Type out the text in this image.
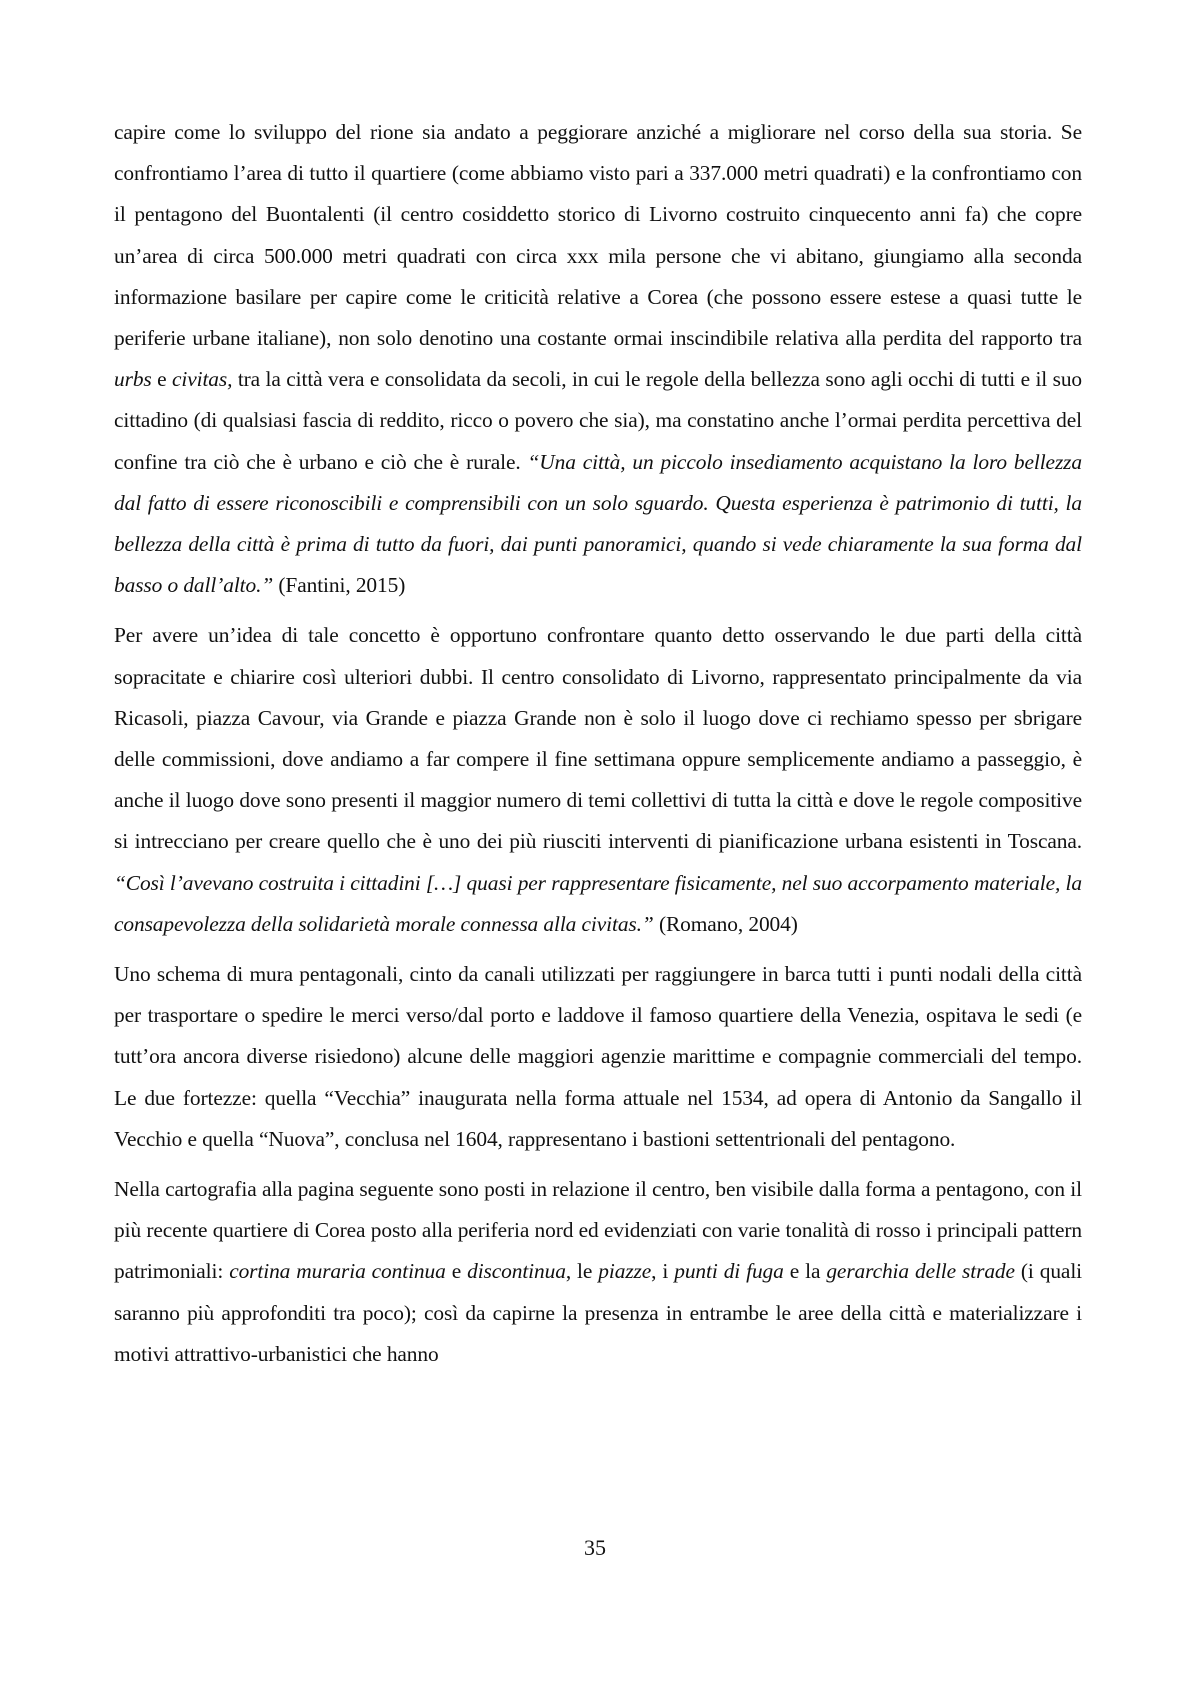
capire come lo sviluppo del rione sia andato a peggiorare anziché a migliorare nel corso della sua storia. Se confrontiamo l’area di tutto il quartiere (come abbiamo visto pari a 337.000 metri quadrati) e la confrontiamo con il pentagono del Buontalenti (il centro cosiddetto storico di Livorno costruito cinquecento anni fa) che copre un’area di circa 500.000 metri quadrati con circa xxx mila persone che vi abitano, giungiamo alla seconda informazione basilare per capire come le criticità relative a Corea (che possono essere estese a quasi tutte le periferie urbane italiane), non solo denotino una costante ormai inscindibile relativa alla perdita del rapporto tra urbs e civitas, tra la città vera e consolidata da secoli, in cui le regole della bellezza sono agli occhi di tutti e il suo cittadino (di qualsiasi fascia di reddito, ricco o povero che sia), ma constatino anche l’ormai perdita percettiva del confine tra ciò che è urbano e ciò che è rurale. “Una città, un piccolo insediamento acquistano la loro bellezza dal fatto di essere riconoscibili e comprensibili con un solo sguardo. Questa esperienza è patrimonio di tutti, la bellezza della città è prima di tutto da fuori, dai punti panoramici, quando si vede chiaramente la sua forma dal basso o dall’alto.” (Fantini, 2015)

Per avere un’idea di tale concetto è opportuno confrontare quanto detto osservando le due parti della città sopracitate e chiarire così ulteriori dubbi. Il centro consolidato di Livorno, rappresentato principalmente da via Ricasoli, piazza Cavour, via Grande e piazza Grande non è solo il luogo dove ci rechiamo spesso per sbrigare delle commissioni, dove andiamo a far compere il fine settimana oppure semplicemente andiamo a passeggio, è anche il luogo dove sono presenti il maggior numero di temi collettivi di tutta la città e dove le regole compositive si intrecciano per creare quello che è uno dei più riusciti interventi di pianificazione urbana esistenti in Toscana. “Così l’avevano costruita i cittadini […] quasi per rappresentare fisicamente, nel suo accorpamento materiale, la consapevolezza della solidarietà morale connessa alla civitas.” (Romano, 2004)

Uno schema di mura pentagonali, cinto da canali utilizzati per raggiungere in barca tutti i punti nodali della città per trasportare o spedire le merci verso/dal porto e laddove il famoso quartiere della Venezia, ospitava le sedi (e tutt’ora ancora diverse risiedono) alcune delle maggiori agenzie marittime e compagnie commerciali del tempo. Le due fortezze: quella “Vecchia” inaugurata nella forma attuale nel 1534, ad opera di Antonio da Sangallo il Vecchio e quella “Nuova”, conclusa nel 1604, rappresentano i bastioni settentrionali del pentagono.

Nella cartografia alla pagina seguente sono posti in relazione il centro, ben visibile dalla forma a pentagono, con il più recente quartiere di Corea posto alla periferia nord ed evidenziati con varie tonalità di rosso i principali pattern patrimoniali: cortina muraria continua e discontinua, le piazze, i punti di fuga e la gerarchia delle strade (i quali saranno più approfonditi tra poco); così da capirne la presenza in entrambe le aree della città e materializzare i motivi attrattivo-urbanistici che hanno

35
